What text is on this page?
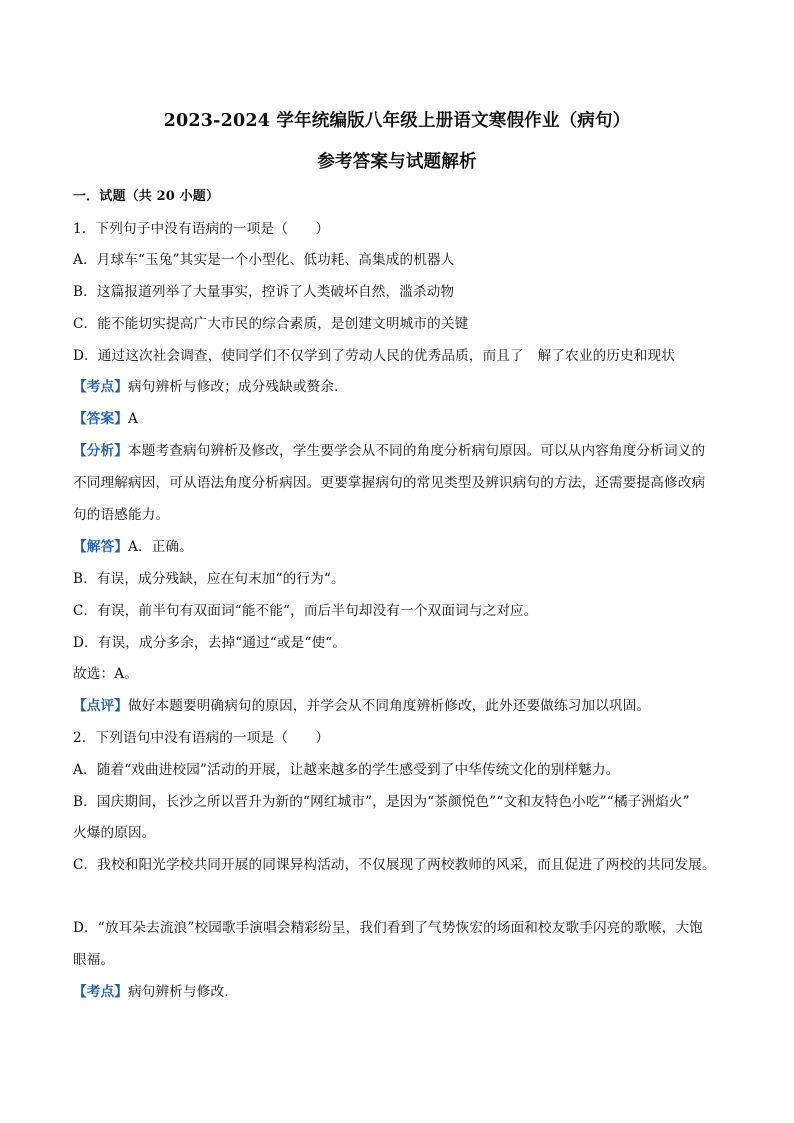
2023-2024 学年统编版八年级上册语文寒假作业（病句）
参考答案与试题解析
一．试题（共 20 小题）
1．下列句子中没有语病的一项是（　　）
A．月球车“玉兔”其实是一个小型化、低功耗、高集成的机器人
B．这篇报道列举了大量事实，控诉了人类破坏自然，滥杀动物
C．能不能切实提高广大市民的综合素质，是创建文明城市的关键
D．通过这次社会调查，使同学们不仅学到了劳动人民的优秀品质，而且了　解了农业的历史和现状
【考点】病句辨析与修改；成分残缺或赘余．
【答案】A
【分析】本题考查病句辨析及修改，学生要学会从不同的角度分析病句原因。可以从内容角度分析词义的
不同理解病因，可从语法角度分析病因。更要掌握病句的常见类型及辨识病句的方法，还需要提高修改病
句的语感能力。
【解答】A．正确。
B．有误，成分残缺，应在句末加“的行为“。
C．有误，前半句有双面词“能不能“，而后半句却没有一个双面词与之对应。
D．有误，成分多余，去掉“通过“或是“使“。
故选：A。
【点评】做好本题要明确病句的原因，并学会从不同角度辨析修改，此外还要做练习加以巩固。
2．下列语句中没有语病的一项是（　　）
A．随着“戏曲进校园”活动的开展，让越来越多的学生感受到了中华传统文化的别样魅力。
B．国庆期间，长沙之所以晋升为新的“网红城市”，是因为“茶颜悦色”“文和友特色小吃”“橘子洲焰火”
火爆的原因。
C．我校和阳光学校共同开展的同课异构活动，不仅展现了两校教师的风采，而且促进了两校的共同发展。
D．“放耳朵去流浪”校园歌手演唱会精彩纷呈，我们看到了气势恢宏的场面和校友歌手闪亮的歌喉，大饱
眼福。
【考点】病句辨析与修改．
